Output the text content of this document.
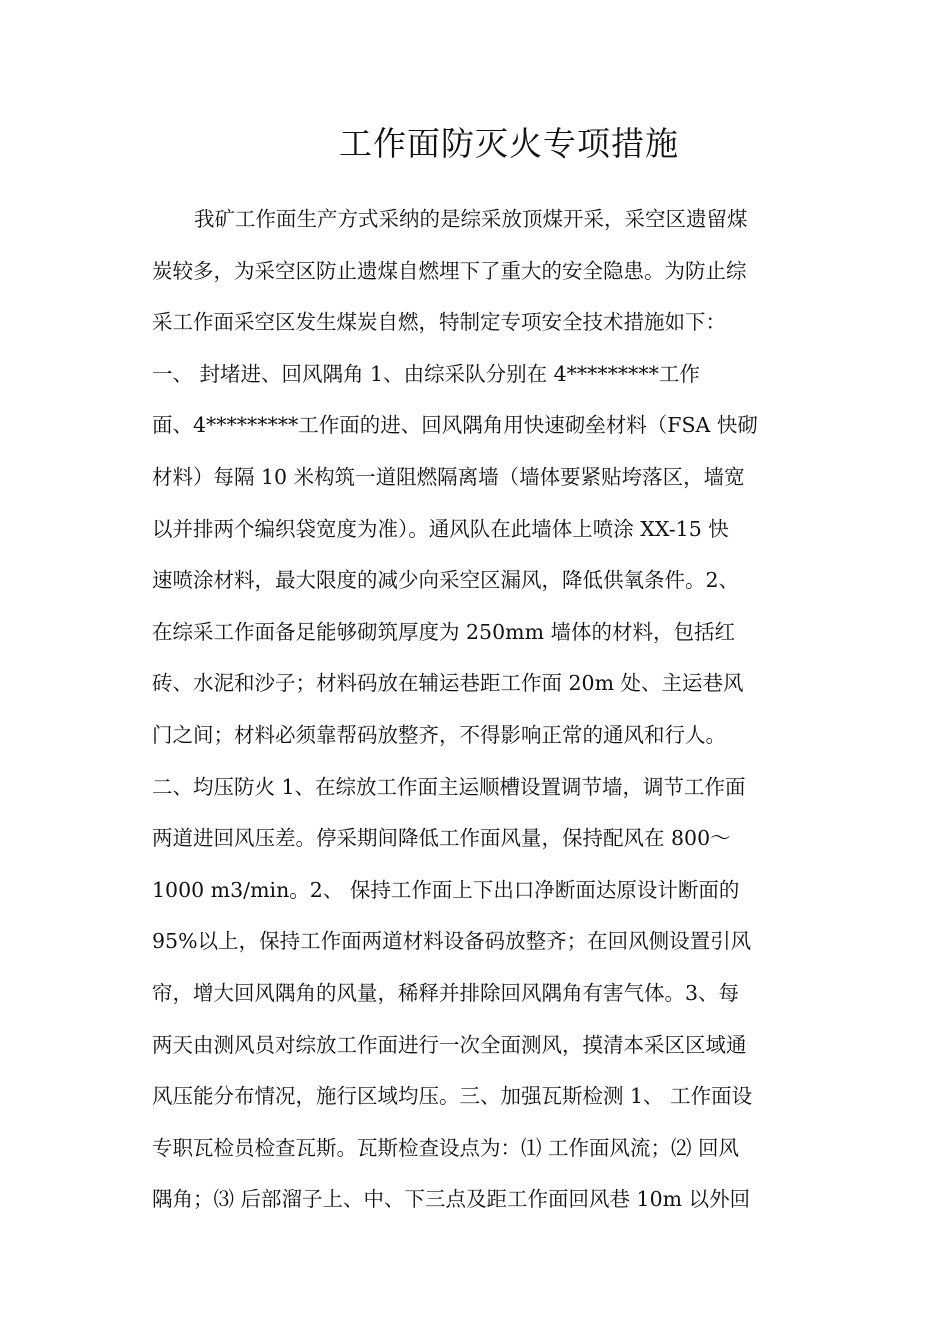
工作面防灭火专项措施
我矿工作面生产方式采纳的是综采放顶煤开采，采空区遗留煤
炭较多，为采空区防止遗煤自燃埋下了重大的安全隐患。为防止综
采工作面采空区发生煤炭自燃，特制定专项安全技术措施如下：
一、 封堵进、回风隅角 1、由综采队分别在 4*********工作
面、4*********工作面的进、回风隅角用快速砌垒材料（FSA 快砌
材料）每隔 10 米构筑一道阻燃隔离墙（墙体要紧贴垮落区，墙宽
以并排两个编织袋宽度为准）。通风队在此墙体上喷涂 XX-15 快
速喷涂材料，最大限度的减少向采空区漏风，降低供氧条件。2、
在综采工作面备足能够砌筑厚度为 250mm 墙体的材料，包括红
砖、水泥和沙子；材料码放在辅运巷距工作面 20m 处、主运巷风
门之间；材料必须靠帮码放整齐，不得影响正常的通风和行人。
二、均压防火 1、在综放工作面主运顺槽设置调节墙，调节工作面
两道进回风压差。停采期间降低工作面风量，保持配风在 800～
1000 m3/min。2、 保持工作面上下出口净断面达原设计断面的
95%以上，保持工作面两道材料设备码放整齐；在回风侧设置引风
帘，增大回风隅角的风量，稀释并排除回风隅角有害气体。3、每
两天由测风员对综放工作面进行一次全面测风，摸清本采区区域通
风压能分布情况，施行区域均压。三、加强瓦斯检测 1、 工作面设
专职瓦检员检查瓦斯。瓦斯检查设点为：⑴ 工作面风流；⑵ 回风
隅角；⑶ 后部溜子上、中、下三点及距工作面回风巷 10m 以外回
